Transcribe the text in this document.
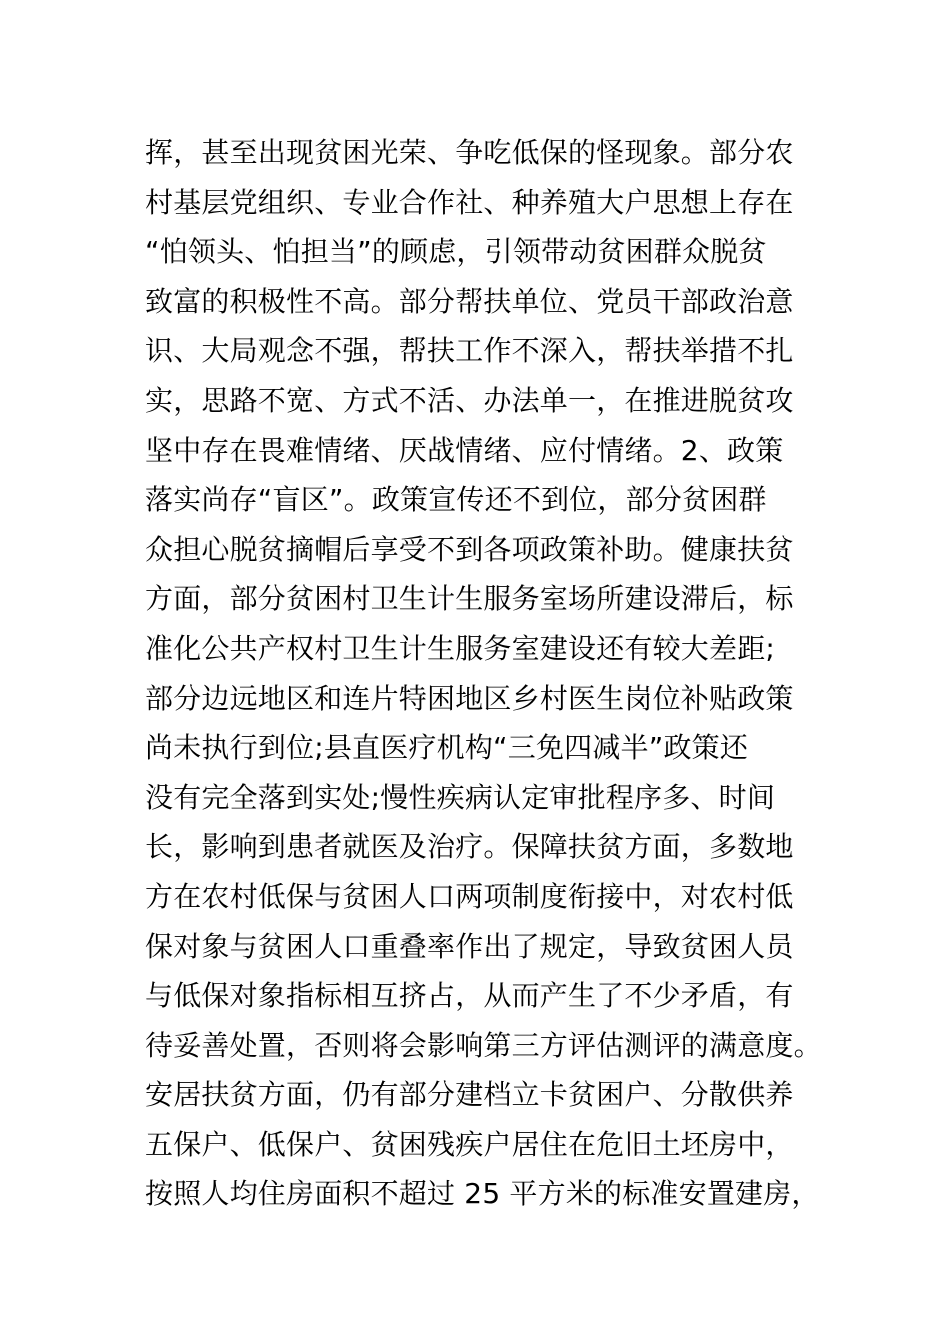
挥，甚至出现贫困光荣、争吃低保的怪现象。部分农
村基层党组织、专业合作社、种养殖大户思想上存在
“怕领头、怕担当”的顾虑，引领带动贫困群众脱贫
致富的积极性不高。部分帮扶单位、党员干部政治意
识、大局观念不强，帮扶工作不深入，帮扶举措不扎
实，思路不宽、方式不活、办法单一，在推进脱贫攻
坚中存在畏难情绪、厌战情绪、应付情绪。2、政策
落实尚存“盲区”。政策宣传还不到位，部分贫困群
众担心脱贫摘帽后享受不到各项政策补助。健康扶贫
方面，部分贫困村卫生计生服务室场所建设滞后，标
准化公共产权村卫生计生服务室建设还有较大差距;
部分边远地区和连片特困地区乡村医生岗位补贴政策
尚未执行到位;县直医疗机构“三免四减半”政策还
没有完全落到实处;慢性疾病认定审批程序多、时间
长，影响到患者就医及治疗。保障扶贫方面，多数地
方在农村低保与贫困人口两项制度衔接中，对农村低
保对象与贫困人口重叠率作出了规定，导致贫困人员
与低保对象指标相互挤占，从而产生了不少矛盾，有
待妥善处置，否则将会影响第三方评估测评的满意度。
安居扶贫方面，仍有部分建档立卡贫困户、分散供养
五保户、低保户、贫困残疾户居住在危旧土坯房中，
按照人均住房面积不超过 25 平方米的标准安置建房，
